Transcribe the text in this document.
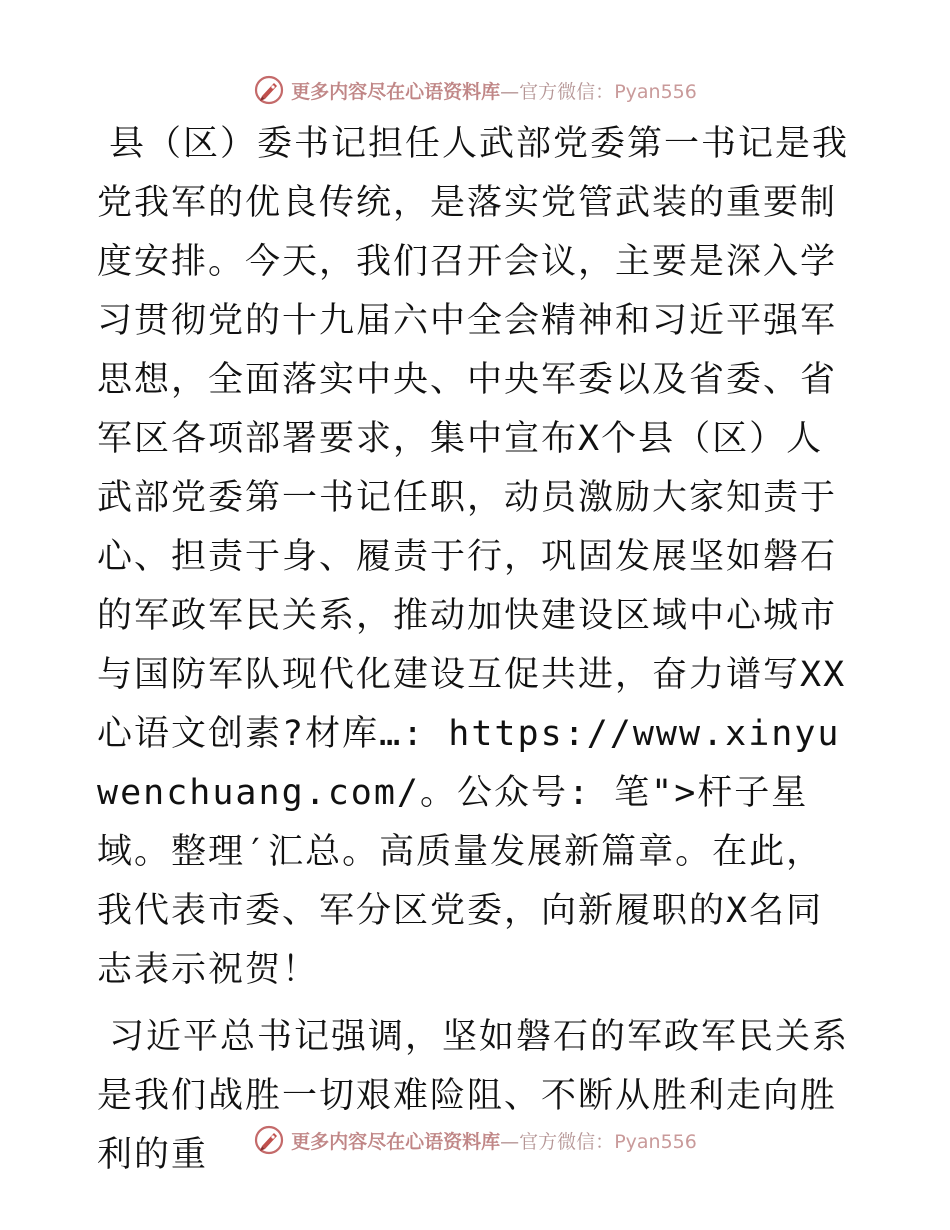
更多内容尽在心语资料库—官方微信：Pyan556

县（区）委书记担任人武部党委第一书记是我党我军的优良传统，是落实党管武装的重要制度安排。今天，我们召开会议，主要是深入学习贯彻党的十九届六中全会精神和习近平强军思想，全面落实中央、中央军委以及省委、省军区各项部署要求，集中宣布X个县（区）人武部党委第一书记任职，动员激励大家知责于心、担责于身、履责于行，巩固发展坚如磐石的军政军民关系，推动加快建设区域中心城市与国防军队现代化建设互促共进，奋力谱写XX心语文创素?材库…: https://www.xinyuwenchuang.com/。公众号: 笔">杆子星域。整理′汇总。高质量发展新篇章。在此，我代表市委、军分区党委，向新履职的X名同志表示祝贺！

习近平总书记强调，坚如磐石的军政军民关系是我们战胜一切艰难险阻、不断从胜利走向胜利的重	更多内容尽在心语资料库—官方微信：Pyan556
